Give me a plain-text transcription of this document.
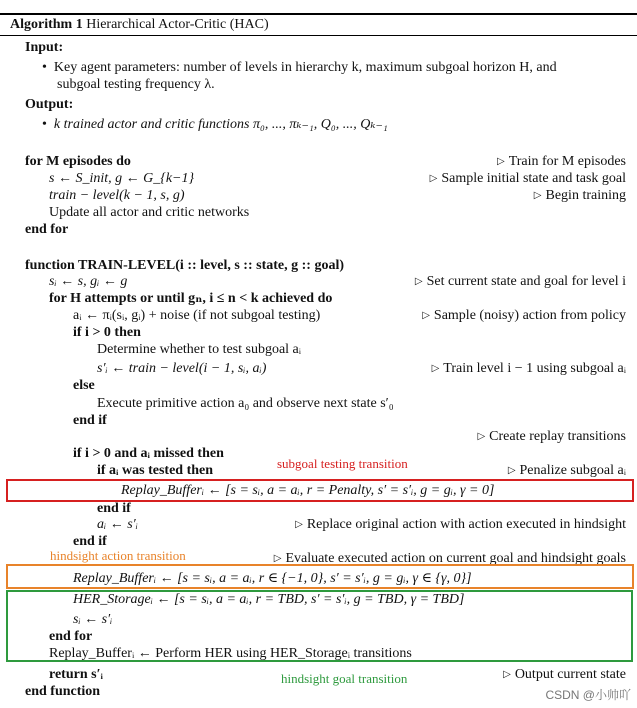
Algorithm 1 Hierarchical Actor-Critic (HAC)
Input:
•  Key agent parameters: number of levels in hierarchy k, maximum subgoal horizon H, and
subgoal testing frequency λ.
Output:
•  k trained actor and critic functions π₀, ..., πₖ₋₁, Q₀, ..., Qₖ₋₁
for M episodes do
s ← S_init, g ← G_{k−1}
train − level(k − 1, s, g)
Update all actor and critic networks
end for
▷ Train for M episodes
▷ Sample initial state and task goal
▷ Begin training
function TRAIN-LEVEL(i :: level, s :: state, g :: goal)
sᵢ ← s, gᵢ ← g	▷ Set current state and goal for level i
for H attempts or until gₙ, i ≤ n < k achieved do
aᵢ ← πᵢ(sᵢ, gᵢ) + noise (if not subgoal testing)	▷ Sample (noisy) action from policy
if i > 0 then
Determine whether to test subgoal aᵢ
s′ᵢ ← train − level(i − 1, sᵢ, aᵢ)	▷ Train level i − 1 using subgoal aᵢ
else
Execute primitive action a₀ and observe next state s′₀
end if
▷ Create replay transitions
if i > 0 and aᵢ missed then
if aᵢ was tested then	▷ Penalize subgoal aᵢ
Replay_Bufferᵢ ← [s = sᵢ, a = aᵢ, r = Penalty, s′ = s′ᵢ, g = gᵢ, γ = 0]
end if
aᵢ ← s′ᵢ	▷ Replace original action with action executed in hindsight
end if
▷ Evaluate executed action on current goal and hindsight goals
Replay_Bufferᵢ ← [s = sᵢ, a = aᵢ, r ∈ {−1, 0}, s′ = s′ᵢ, g = gᵢ, γ ∈ {γ, 0}]
HER_Storageᵢ ← [s = sᵢ, a = aᵢ, r = TBD, s′ = s′ᵢ, g = TBD, γ = TBD]
sᵢ ← s′ᵢ
end for
Replay_Bufferᵢ ← Perform HER using HER_Storageᵢ transitions
return s′ᵢ	▷ Output current state
end function
subgoal testing transition
hindsight action transition
hindsight goal transition
CSDN @小帅吖
